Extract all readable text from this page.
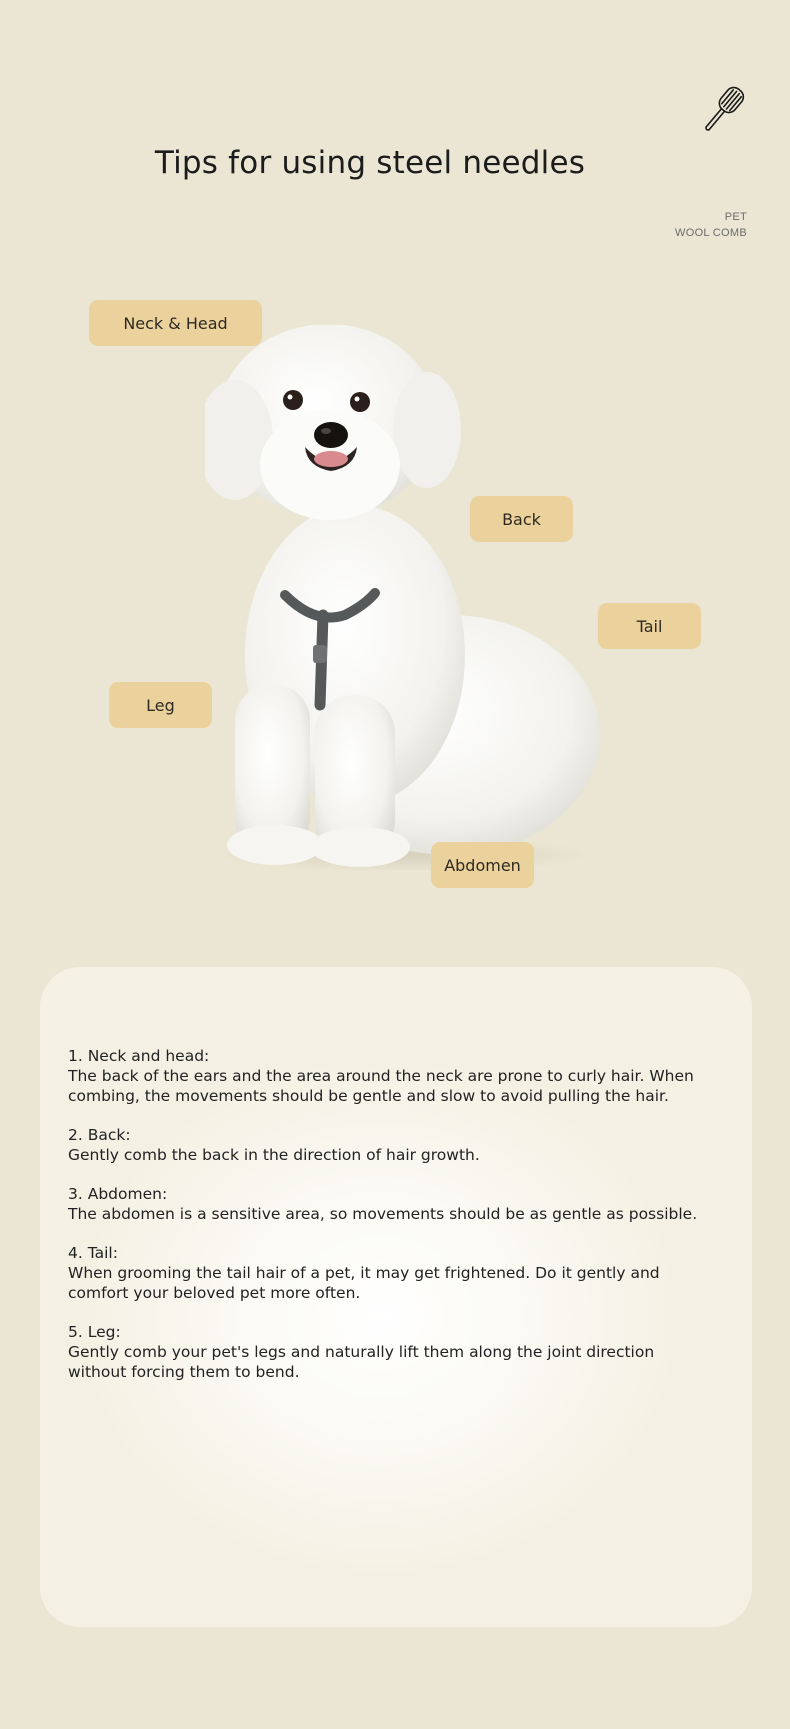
Tips for using steel needles
PET
WOOL COMB
Neck & Head
Back
Tail
Leg
Abdomen
1. Neck and head:
The back of the ears and the area around the neck are prone to curly hair. When combing, the movements should be gentle and slow to avoid pulling the hair.
2. Back:
Gently comb the back in the direction of hair growth.
3. Abdomen:
The abdomen is a sensitive area, so movements should be as gentle as possible.
4. Tail:
When grooming the tail hair of a pet, it may get frightened. Do it gently and comfort your beloved pet more often.
5. Leg:
Gently comb your pet's legs and naturally lift them along the joint direction without forcing them to bend.
